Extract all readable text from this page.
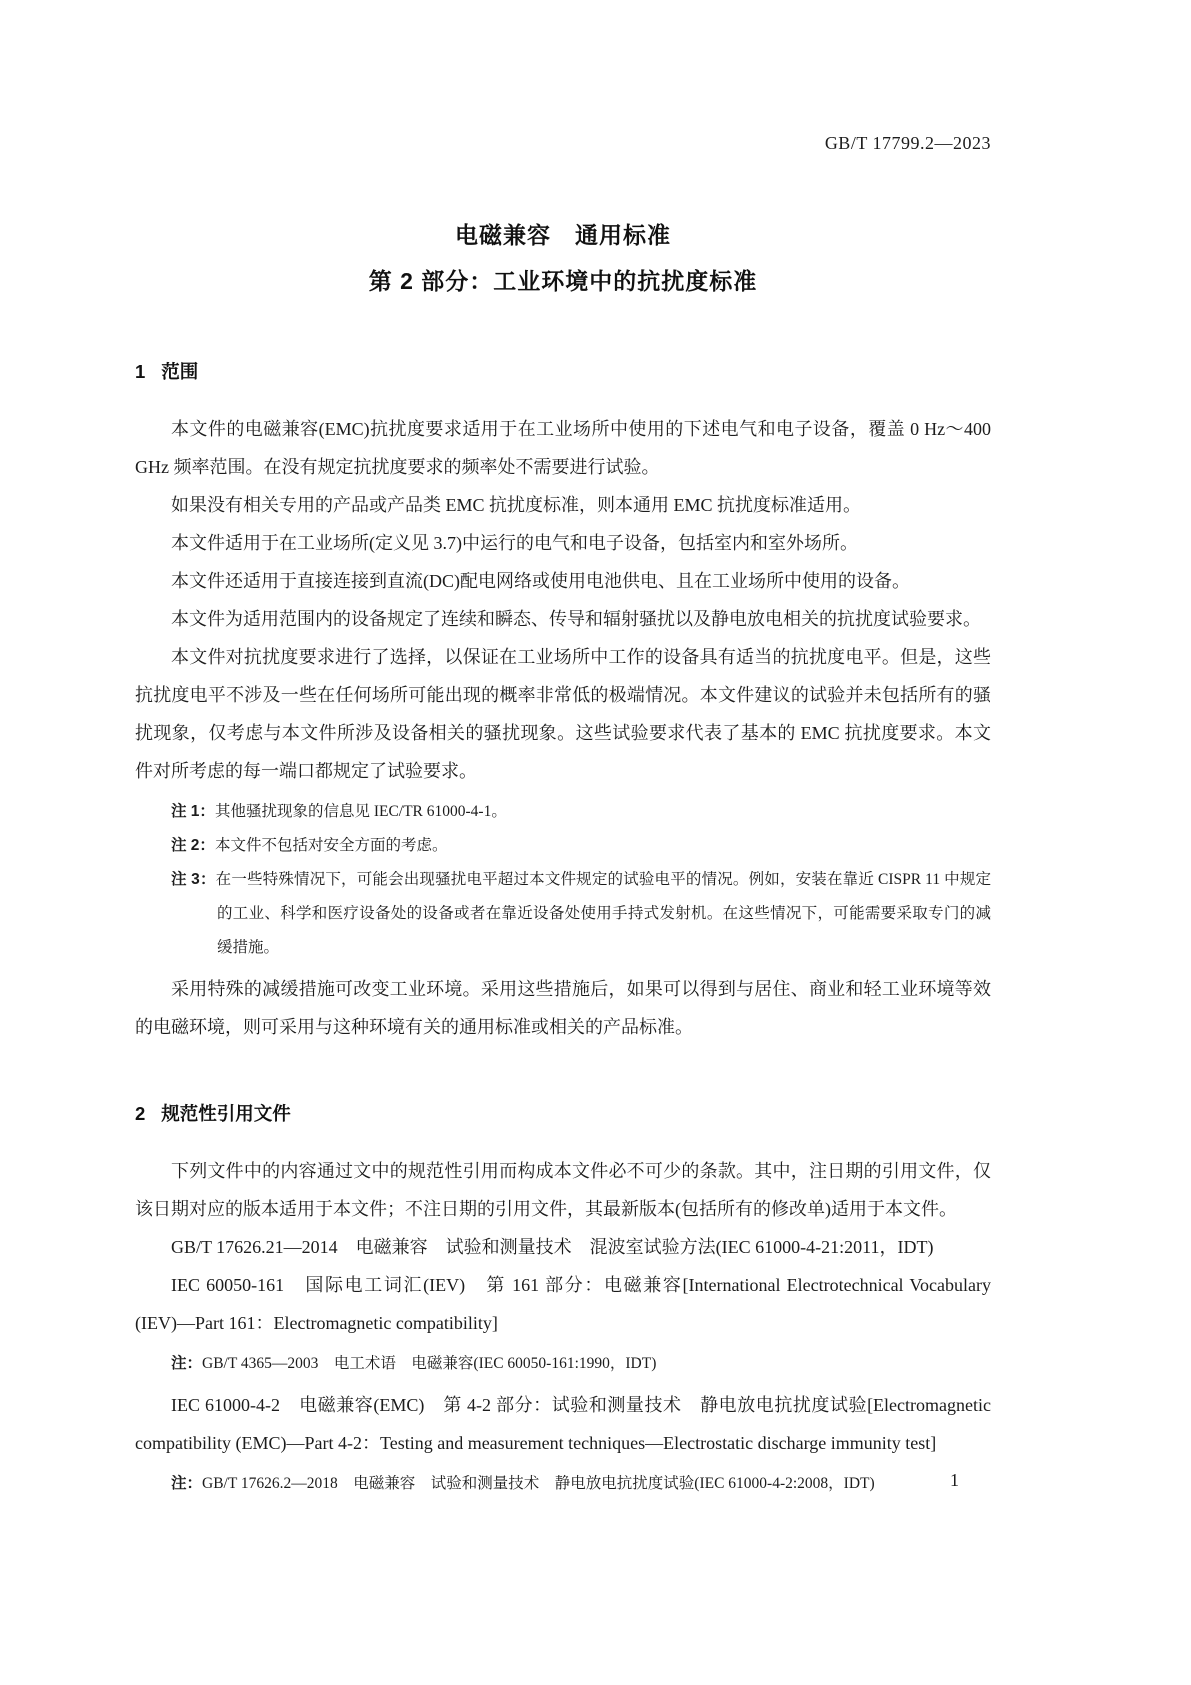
GB/T 17799.2—2023
电磁兼容　通用标准
第 2 部分：工业环境中的抗扰度标准
1 范围

本文件的电磁兼容(EMC)抗扰度要求适用于在工业场所中使用的下述电气和电子设备，覆盖 0 Hz～400 GHz 频率范围。在没有规定抗扰度要求的频率处不需要进行试验。

如果没有相关专用的产品或产品类 EMC 抗扰度标准，则本通用 EMC 抗扰度标准适用。

本文件适用于在工业场所(定义见 3.7)中运行的电气和电子设备，包括室内和室外场所。

本文件还适用于直接连接到直流(DC)配电网络或使用电池供电、且在工业场所中使用的设备。

本文件为适用范围内的设备规定了连续和瞬态、传导和辐射骚扰以及静电放电相关的抗扰度试验要求。

本文件对抗扰度要求进行了选择，以保证在工业场所中工作的设备具有适当的抗扰度电平。但是，这些抗扰度电平不涉及一些在任何场所可能出现的概率非常低的极端情况。本文件建议的试验并未包括所有的骚扰现象，仅考虑与本文件所涉及设备相关的骚扰现象。这些试验要求代表了基本的 EMC 抗扰度要求。本文件对所考虑的每一端口都规定了试验要求。

注 1：其他骚扰现象的信息见 IEC/TR 61000-4-1。

注 2：本文件不包括对安全方面的考虑。

注 3：在一些特殊情况下，可能会出现骚扰电平超过本文件规定的试验电平的情况。例如，安装在靠近 CISPR 11 中规定的工业、科学和医疗设备处的设备或者在靠近设备处使用手持式发射机。在这些情况下，可能需要采取专门的减缓措施。

采用特殊的减缓措施可改变工业环境。采用这些措施后，如果可以得到与居住、商业和轻工业环境等效的电磁环境，则可采用与这种环境有关的通用标准或相关的产品标准。

2 规范性引用文件

下列文件中的内容通过文中的规范性引用而构成本文件必不可少的条款。其中，注日期的引用文件，仅该日期对应的版本适用于本文件；不注日期的引用文件，其最新版本(包括所有的修改单)适用于本文件。

GB/T 17626.21—2014　电磁兼容　试验和测量技术　混波室试验方法(IEC 61000-4-21:2011，IDT)

IEC 60050-161　国际电工词汇(IEV)　第 161 部分：电磁兼容[International Electrotechnical Vocabulary (IEV)—Part 161：Electromagnetic compatibility]

注：GB/T 4365—2003　电工术语　电磁兼容(IEC 60050-161:1990，IDT)

IEC 61000-4-2　电磁兼容(EMC)　第 4-2 部分：试验和测量技术　静电放电抗扰度试验[Electromagnetic compatibility (EMC)—Part 4-2：Testing and measurement techniques—Electrostatic discharge immunity test]

注：GB/T 17626.2—2018　电磁兼容　试验和测量技术　静电放电抗扰度试验(IEC 61000-4-2:2008，IDT)	1
